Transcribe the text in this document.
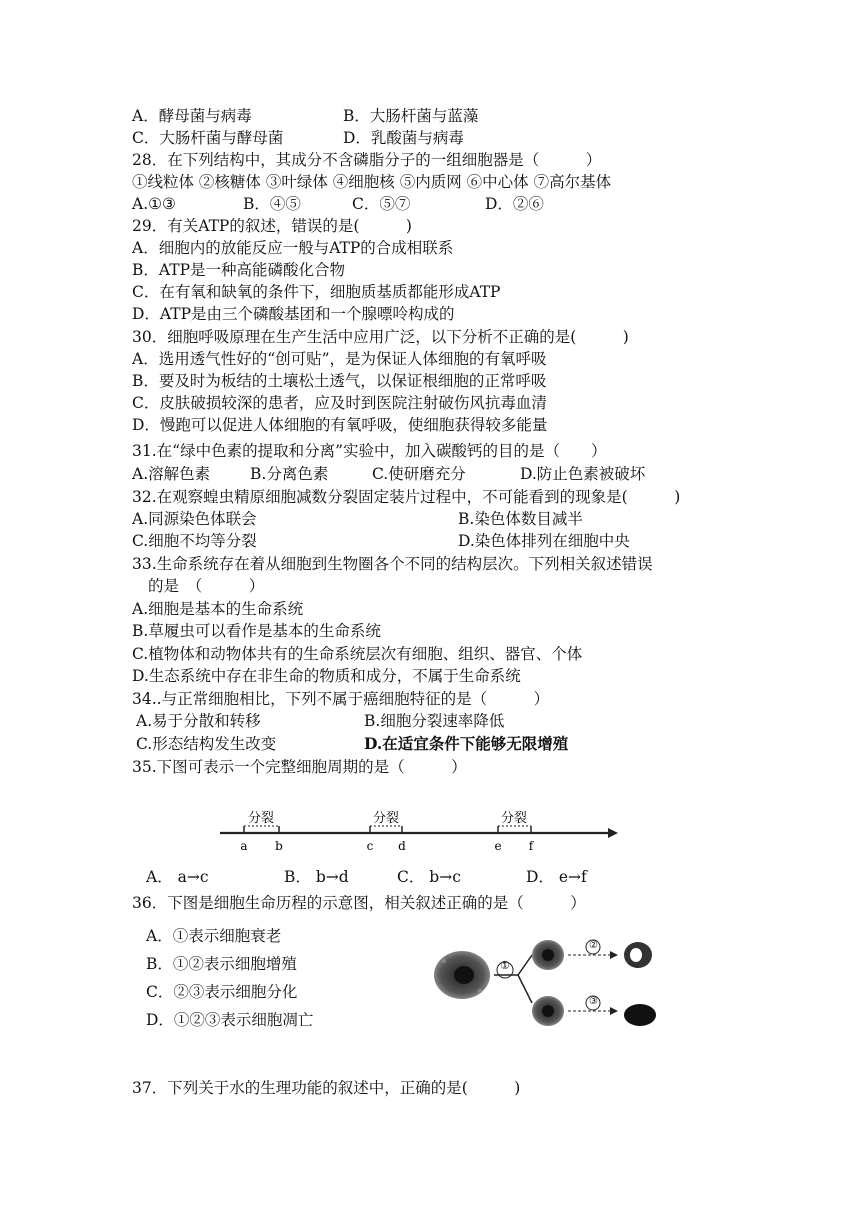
A．酵母菌与病毒	B．大肠杆菌与蓝藻
C．大肠杆菌与酵母菌	D．乳酸菌与病毒
28．在下列结构中，其成分不含磷脂分子的一组细胞器是（　　　）
①线粒体 ②核糖体 ③叶绿体 ④细胞核 ⑤内质网 ⑥中心体 ⑦高尔基体
A.①③	B．④⑤	C．⑤⑦	D．②⑥
29．有关ATP的叙述，错误的是(　　　)
A．细胞内的放能反应一般与ATP的合成相联系
B．ATP是一种高能磷酸化合物
C．在有氧和缺氧的条件下，细胞质基质都能形成ATP
D．ATP是由三个磷酸基团和一个腺嘌呤构成的
30．细胞呼吸原理在生产生活中应用广泛，以下分析不正确的是(　　　)
A．选用透气性好的“创可贴”，是为保证人体细胞的有氧呼吸
B．要及时为板结的土壤松土透气，以保证根细胞的正常呼吸
C．皮肤破损较深的患者，应及时到医院注射破伤风抗毒血清
D．慢跑可以促进人体细胞的有氧呼吸，使细胞获得较多能量
31.在“绿中色素的提取和分离”实验中，加入碳酸钙的目的是（　　）
A.溶解色素	B.分离色素	C.使研磨充分	D.防止色素被破坏
32.在观察蝗虫精原细胞减数分裂固定装片过程中，不可能看到的现象是(　　　)
A.同源染色体联会	B.染色体数目减半
C.细胞不均等分裂	D.染色体排列在细胞中央
33.生命系统存在着从细胞到生物圈各个不同的结构层次。下列相关叙述错误
的是　（　　　）
A.细胞是基本的生命系统
B.草履虫可以看作是基本的生命系统
C.植物体和动物体共有的生命系统层次有细胞、组织、器官、个体
D.生态系统中存在非生命的物质和成分，不属于生命系统
34..与正常细胞相比，下列不属于癌细胞特征的是（　　　）
A.易于分散和转移	B.细胞分裂速率降低
C.形态结构发生改变	D.在适宜条件下能够无限增殖
35.下图可表示一个完整细胞周期的是（　　　）
分裂
a b
分裂
c d
分裂
e f
A． a→c	B． b→d	C． b→c	D． e→f
36．下图是细胞生命历程的示意图，相关叙述正确的是（　　　）
A．①表示细胞衰老
B．①②表示细胞增殖
C．②③表示细胞分化
D．①②③表示细胞凋亡
①
②
③
37．下列关于水的生理功能的叙述中，正确的是(　　　)
